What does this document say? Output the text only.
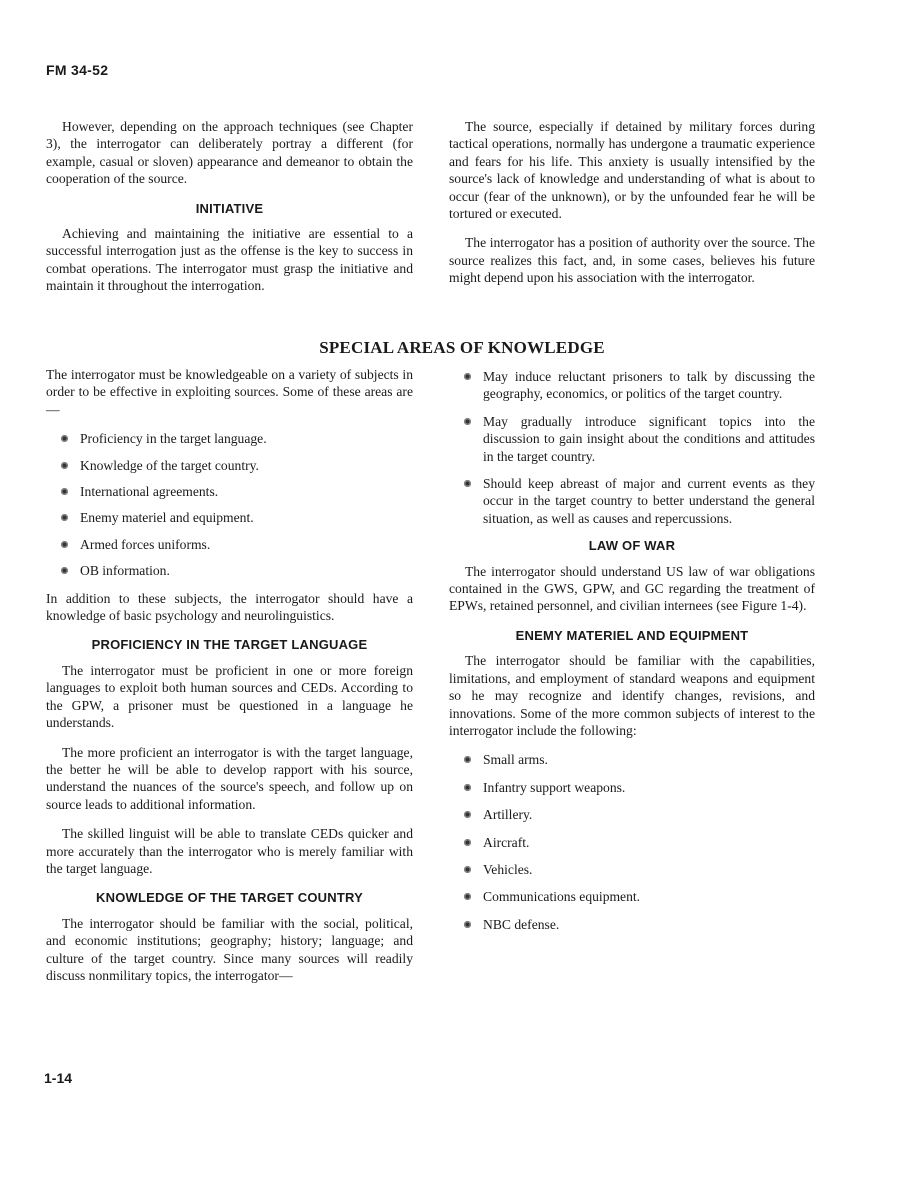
FM 34-52

However, depending on the approach techniques (see Chapter 3), the interrogator can deliberately portray a different (for example, casual or sloven) appearance and demeanor to obtain the cooperation of the source.

INITIATIVE

Achieving and maintaining the initiative are essential to a successful interrogation just as the offense is the key to success in combat operations. The interrogator must grasp the initiative and maintain it throughout the interrogation.

The source, especially if detained by military forces during tactical operations, normally has undergone a traumatic experience and fears for his life. This anxiety is usually intensified by the source's lack of knowledge and understanding of what is about to occur (fear of the unknown), or by the unfounded fear he will be tortured or executed.

The interrogator has a position of authority over the source. The source realizes this fact, and, in some cases, believes his future might depend upon his association with the interrogator.

SPECIAL AREAS OF KNOWLEDGE

The interrogator must be knowledgeable on a variety of subjects in order to be effective in exploiting sources. Some of these areas are—

Proficiency in the target language.
Knowledge of the target country.
International agreements.
Enemy materiel and equipment.
Armed forces uniforms.
OB information.

In addition to these subjects, the interrogator should have a knowledge of basic psychology and neurolinguistics.

PROFICIENCY IN THE TARGET LANGUAGE

The interrogator must be proficient in one or more foreign languages to exploit both human sources and CEDs. According to the GPW, a prisoner must be questioned in a language he understands.

The more proficient an interrogator is with the target language, the better he will be able to develop rapport with his source, understand the nuances of the source's speech, and follow up on source leads to additional information.

The skilled linguist will be able to translate CEDs quicker and more accurately than the interrogator who is merely familiar with the target language.

KNOWLEDGE OF THE TARGET COUNTRY

The interrogator should be familiar with the social, political, and economic institutions; geography; history; language; and culture of the target country. Since many sources will readily discuss nonmilitary topics, the interrogator—

May induce reluctant prisoners to talk by discussing the geography, economics, or politics of the target country.
May gradually introduce significant topics into the discussion to gain insight about the conditions and attitudes in the target country.
Should keep abreast of major and current events as they occur in the target country to better understand the general situation, as well as causes and repercussions.
LAW OF WAR

The interrogator should understand US law of war obligations contained in the GWS, GPW, and GC regarding the treatment of EPWs, retained personnel, and civilian internees (see Figure 1-4).

ENEMY MATERIEL AND EQUIPMENT

The interrogator should be familiar with the capabilities, limitations, and employment of standard weapons and equipment so he may recognize and identify changes, revisions, and innovations. Some of the more common subjects of interest to the interrogator include the following:

Small arms.
Infantry support weapons.
Artillery.
Aircraft.
Vehicles.
Communications equipment.
NBC defense.
1-14
